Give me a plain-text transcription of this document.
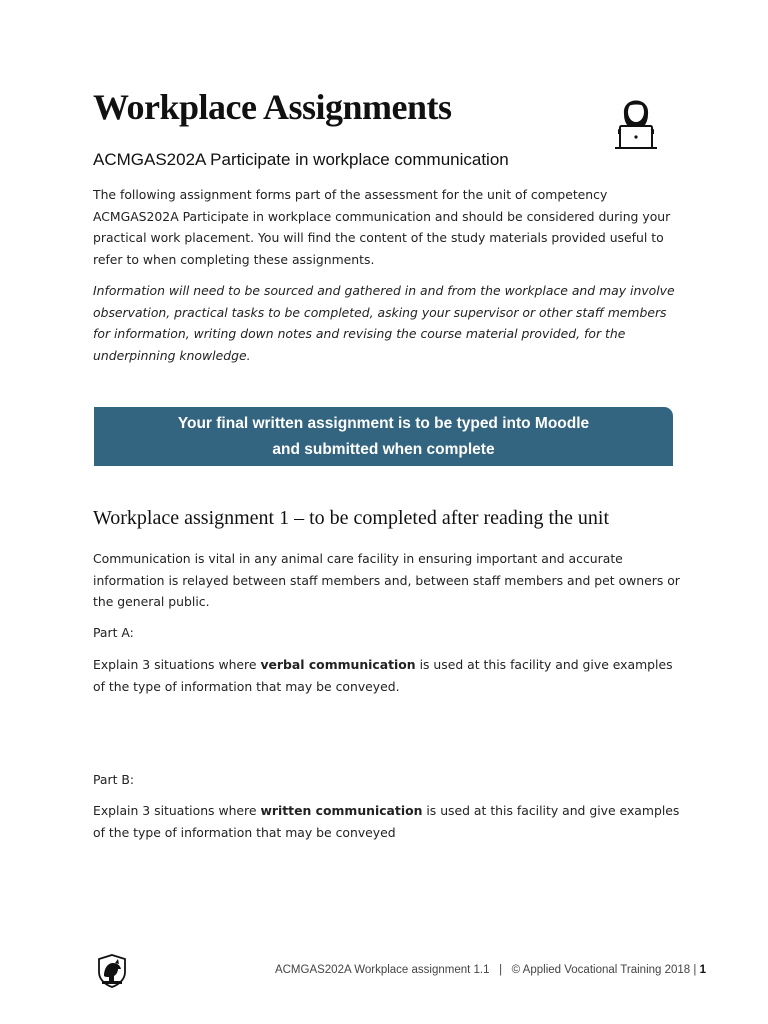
Workplace Assignments
ACMGAS202A Participate in workplace communication

The following assignment forms part of the assessment for the unit of competency ACMGAS202A Participate in workplace communication and should be considered during your practical work placement. You will find the content of the study materials provided useful to refer to when completing these assignments.

Information will need to be sourced and gathered in and from the workplace and may involve observation, practical tasks to be completed, asking your supervisor or other staff members for information, writing down notes and revising the course material provided, for the underpinning knowledge.

Your final written assignment is to be typed into Moodle
and submitted when complete
Workplace assignment 1 – to be completed after reading the unit

Communication is vital in any animal care facility in ensuring important and accurate information is relayed between staff members and, between staff members and pet owners or the general public.

Part A:

Explain 3 situations where verbal communication is used at this facility and give examples of the type of information that may be conveyed.

Part B:

Explain 3 situations where written communication is used at this facility and give examples of the type of information that may be conveyed

ACMGAS202A Workplace assignment 1.1   |   © Applied Vocational Training 2018 | 1
